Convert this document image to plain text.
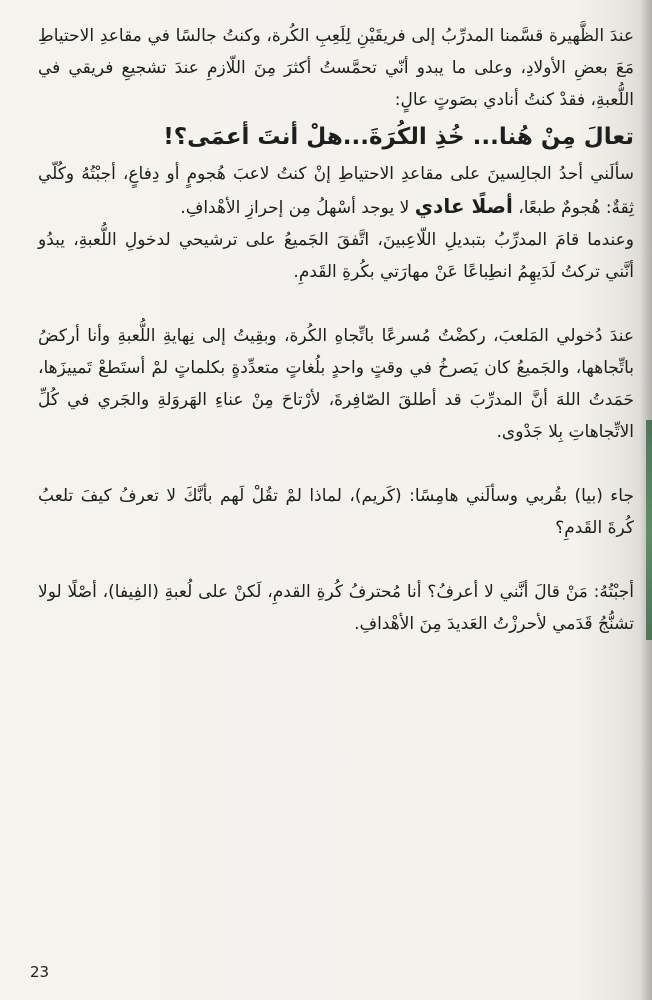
عندَ الظَّهيرة قسَّمنا المدرِّبُ إلى فريقَيْنِ لِلَعِبِ الكُرة، وكنتُ جالسًا في مقاعدِ الاحتياطِ مَعَ بعضِ الأولادِ، وعلى ما يبدو أنّي تحمَّستُ أكثرَ مِنَ اللّازمِ عندَ تشجيعِ فريقي في اللُّعبةِ، فقدْ كنتُ أنادي بصَوتٍ عالٍ:
تعالَ مِنْ هُنا... خُذِ الكُرَةَ...هلْ أنتَ أعمَى؟!

سألَني أحدُ الجالِسينَ على مقاعدِ الاحتياطِ إنْ كنتُ لاعبَ هُجومٍ أو دِفاعٍ، أجبْتُهُ وكُلّي ثِقةٌ: هُجومٌ طبعًا، أصلًا عادي لا يوجد أسْهلُ مِن إحرازِ الأهْدافِ.

وعندما قامَ المدرِّبُ بتبديلِ اللّاعِبينَ، اتَّفقَ الجَميعُ على ترشيحي لدخولِ اللُّعبةِ، يبدُو أنَّني تركتُ لَدَيهِمُ انطِباعًا عَنْ مهارَتي بكُرةِ القَدمِ.

عندَ دُخولي المَلعبَ، ركضْتُ مُسرعًا باتِّجاهِ الكُرة، وبقِيتُ إلى نِهايةِ اللُّعبةِ وأنا أركضُ باتِّجاهها، والجَميعُ كان يَصرخُ في وقتٍ واحدٍ بلُغاتٍ متعدِّدةٍ بكلماتٍ لمْ أستَطعْ تَمييزَها، حَمَدتُ اللهَ أنَّ المدرِّبَ قد أطلقَ الصّافِرةَ، لأرْتاحَ مِنْ عناءِ الهَروَلةِ والجَري في كُلِّ الاتِّجاهاتِ بِلا جَدْوى.

جاء (بيا) بقُربي وسألَني هامِسًا: (كَريم)، لماذا لمْ تقُلْ لَهم بأنَّكَ لا تعرفُ كيفَ تلعبُ كُرةَ القَدمِ؟

أجبْتُهُ: مَنْ قالَ أنَّني لا أعرفُ؟ أنا مُحترفُ كُرةِ القدمِ، لَكنْ على لُعبةِ (الفِيفا)، أصْلًا لولا تشنُّجُ قَدَمي لأحرزْتُ العَديدَ مِنَ الأهْدافِ.

23
